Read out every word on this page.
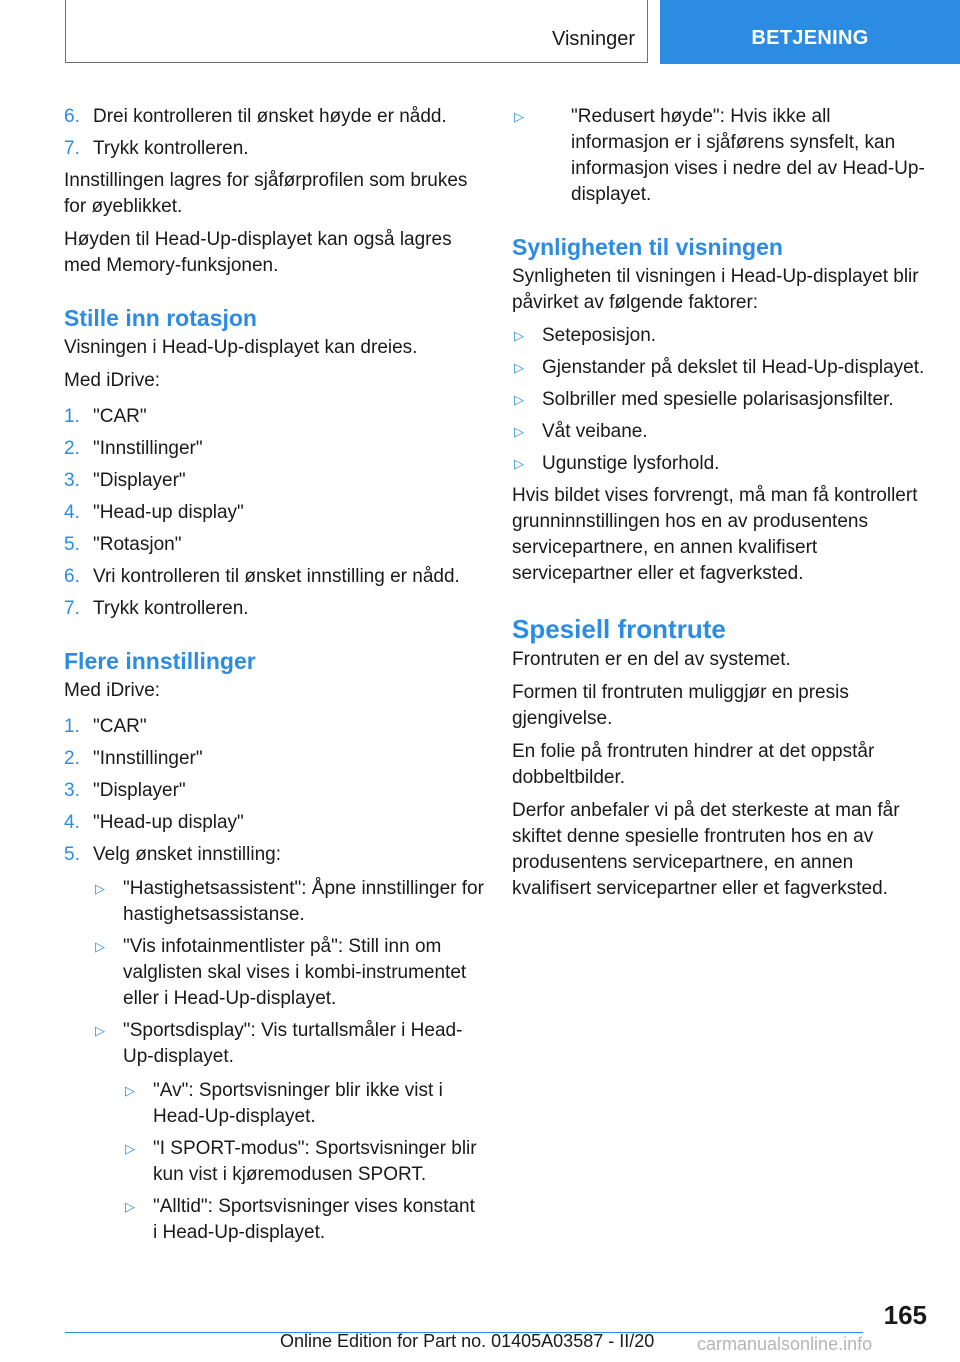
Visninger	BETJENING
6. Drei kontrolleren til ønsket høyde er nådd.
7. Trykk kontrolleren.

Innstillingen lagres for sjåførprofilen som brukes for øyeblikket.

Høyden til Head-Up-displayet kan også lagres med Memory-funksjonen.

Stille inn rotasjon

Visningen i Head-Up-displayet kan dreies.

Med iDrive:

1. "CAR"
2. "Innstillinger"
3. "Displayer"
4. "Head-up display"
5. "Rotasjon"
6. Vri kontrolleren til ønsket innstilling er nådd.
7. Trykk kontrolleren.
Flere innstillinger

Med iDrive:

1. "CAR"
2. "Innstillinger"
3. "Displayer"
4. "Head-up display"
5. Velg ønsket innstilling:
▷ "Hastighetsassistent": Åpne innstillinger for hastighetsassistanse.
▷ "Vis infotainmentlister på": Still inn om valglisten skal vises i kombi-instrumentet eller i Head-Up-displayet.
▷ "Sportsdisplay": Vis turtallsmåler i Head-Up-displayet.
▷ "Av": Sportsvisninger blir ikke vist i Head-Up-displayet.
▷ "I SPORT-modus": Sportsvisninger blir kun vist i kjøremodusen SPORT.
▷ "Alltid": Sportsvisninger vises konstant i Head-Up-displayet.
▷	"Redusert høyde": Hvis ikke all informasjon er i sjåførens synsfelt, kan informasjon vises i nedre del av Head-Up-displayet.
Synligheten til visningen

Synligheten til visningen i Head-Up-displayet blir påvirket av følgende faktorer:

▷ Seteposisjon.
▷ Gjenstander på dekslet til Head-Up-displayet.
▷ Solbriller med spesielle polarisasjonsfilter.
▷ Våt veibane.
▷ Ugunstige lysforhold.

Hvis bildet vises forvrengt, må man få kontrollert grunninnstillingen hos en av produsentens servicepartnere, en annen kvalifisert servicepartner eller et fagverksted.

Spesiell frontrute

Frontruten er en del av systemet.

Formen til frontruten muliggjør en presis gjengivelse.

En folie på frontruten hindrer at det oppstår dobbeltbilder.

Derfor anbefaler vi på det sterkeste at man får skiftet denne spesielle frontruten hos en av produsentens servicepartnere, en annen kvalifisert servicepartner eller et fagverksted.

165
Online Edition for Part no. 01405A03587 - II/20 carmanualsonline.info
